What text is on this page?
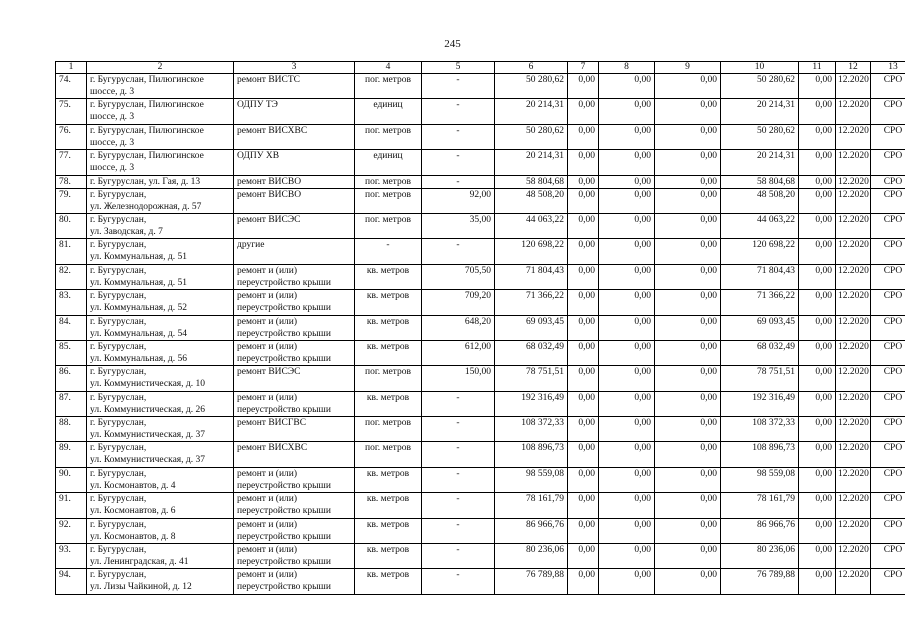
245
1	2	3	4	5	6	7	8	9	10	11	12	13
74.	г. Бугуруслан, Пилюгинское
шоссе, д. 3	ремонт ВИСТС	пог. метров	-	50 280,62	0,00	0,00	0,00	50 280,62	0,00	12.2020	СРО
75.	г. Бугуруслан, Пилюгинское
шоссе, д. 3	ОДПУ ТЭ	единиц	-	20 214,31	0,00	0,00	0,00	20 214,31	0,00	12.2020	СРО
76.	г. Бугуруслан, Пилюгинское
шоссе, д. 3	ремонт ВИСХВС	пог. метров	-	50 280,62	0,00	0,00	0,00	50 280,62	0,00	12.2020	СРО
77.	г. Бугуруслан, Пилюгинское
шоссе, д. 3	ОДПУ ХВ	единиц	-	20 214,31	0,00	0,00	0,00	20 214,31	0,00	12.2020	СРО
78.	г. Бугуруслан, ул. Гая, д. 13	ремонт ВИСВО	пог. метров	-	58 804,68	0,00	0,00	0,00	58 804,68	0,00	12.2020	СРО
79.	г. Бугуруслан,
ул. Железнодорожная, д. 57	ремонт ВИСВО	пог. метров	92,00	48 508,20	0,00	0,00	0,00	48 508,20	0,00	12.2020	СРО
80.	г. Бугуруслан,
ул. Заводская, д. 7	ремонт ВИСЭС	пог. метров	35,00	44 063,22	0,00	0,00	0,00	44 063,22	0,00	12.2020	СРО
81.	г. Бугуруслан,
ул. Коммунальная, д. 51	другие	-	-	120 698,22	0,00	0,00	0,00	120 698,22	0,00	12.2020	СРО
82.	г. Бугуруслан,
ул. Коммунальная, д. 51	ремонт и (или)
переустройство крыши	кв. метров	705,50	71 804,43	0,00	0,00	0,00	71 804,43	0,00	12.2020	СРО
83.	г. Бугуруслан,
ул. Коммунальная, д. 52	ремонт и (или)
переустройство крыши	кв. метров	709,20	71 366,22	0,00	0,00	0,00	71 366,22	0,00	12.2020	СРО
84.	г. Бугуруслан,
ул. Коммунальная, д. 54	ремонт и (или)
переустройство крыши	кв. метров	648,20	69 093,45	0,00	0,00	0,00	69 093,45	0,00	12.2020	СРО
85.	г. Бугуруслан,
ул. Коммунальная, д. 56	ремонт и (или)
переустройство крыши	кв. метров	612,00	68 032,49	0,00	0,00	0,00	68 032,49	0,00	12.2020	СРО
86.	г. Бугуруслан,
ул. Коммунистическая, д. 10	ремонт ВИСЭС	пог. метров	150,00	78 751,51	0,00	0,00	0,00	78 751,51	0,00	12.2020	СРО
87.	г. Бугуруслан,
ул. Коммунистическая, д. 26	ремонт и (или)
переустройство крыши	кв. метров	-	192 316,49	0,00	0,00	0,00	192 316,49	0,00	12.2020	СРО
88.	г. Бугуруслан,
ул. Коммунистическая, д. 37	ремонт ВИСГВС	пог. метров	-	108 372,33	0,00	0,00	0,00	108 372,33	0,00	12.2020	СРО
89.	г. Бугуруслан,
ул. Коммунистическая, д. 37	ремонт ВИСХВС	пог. метров	-	108 896,73	0,00	0,00	0,00	108 896,73	0,00	12.2020	СРО
90.	г. Бугуруслан,
ул. Космонавтов, д. 4	ремонт и (или)
переустройство крыши	кв. метров	-	98 559,08	0,00	0,00	0,00	98 559,08	0,00	12.2020	СРО
91.	г. Бугуруслан,
ул. Космонавтов, д. 6	ремонт и (или)
переустройство крыши	кв. метров	-	78 161,79	0,00	0,00	0,00	78 161,79	0,00	12.2020	СРО
92.	г. Бугуруслан,
ул. Космонавтов, д. 8	ремонт и (или)
переустройство крыши	кв. метров	-	86 966,76	0,00	0,00	0,00	86 966,76	0,00	12.2020	СРО
93.	г. Бугуруслан,
ул. Ленинградская, д. 41	ремонт и (или)
переустройство крыши	кв. метров	-	80 236,06	0,00	0,00	0,00	80 236,06	0,00	12.2020	СРО
94.	г. Бугуруслан,
ул. Лизы Чайкиной, д. 12	ремонт и (или)
переустройство крыши	кв. метров	-	76 789,88	0,00	0,00	0,00	76 789,88	0,00	12.2020	СРО
